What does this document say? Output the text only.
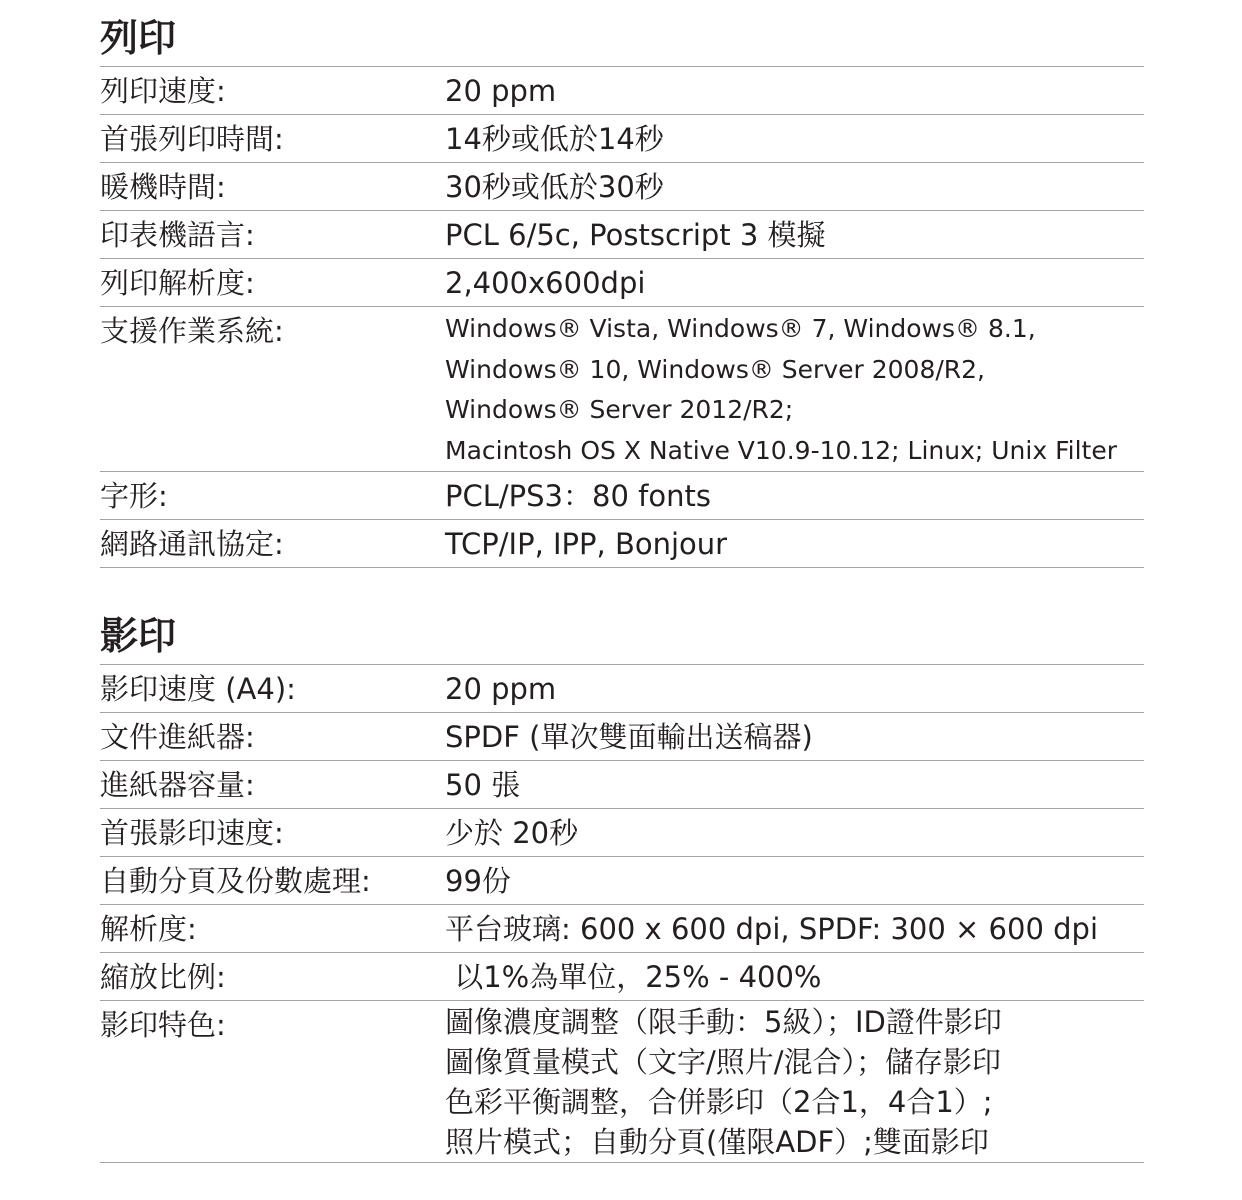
列印
列印速度:	20 ppm
首張列印時間:	14秒或低於14秒
暖機時間:	30秒或低於30秒
印表機語言:	PCL 6/5c, Postscript 3 模擬
列印解析度:	2,400x600dpi
支援作業系統:	Windows® Vista, Windows® 7, Windows® 8.1,
Windows® 10, Windows® Server 2008/R2,
Windows® Server 2012/R2;
Macintosh OS X Native V10.9-10.12; Linux; Unix Filter
字形:	PCL/PS3：80 fonts
網路通訊協定:	TCP/IP, IPP, Bonjour
影印
影印速度 (A4):	20 ppm
文件進紙器:	SPDF (單次雙面輸出送稿器)
進紙器容量:	50 張
首張影印速度:	少於 20秒
自動分頁及份數處理:	99份
解析度:	平台玻璃: 600 x 600 dpi, SPDF: 300 × 600 dpi
縮放比例:	以1%為單位，25% - 400%
影印特色:	圖像濃度調整（限手動：5級）；ID證件影印
圖像質量模式（文字/照片/混合）；儲存影印
色彩平衡調整，合併影印（2合1，4合1）;
照片模式；自動分頁(僅限ADF）;雙面影印
